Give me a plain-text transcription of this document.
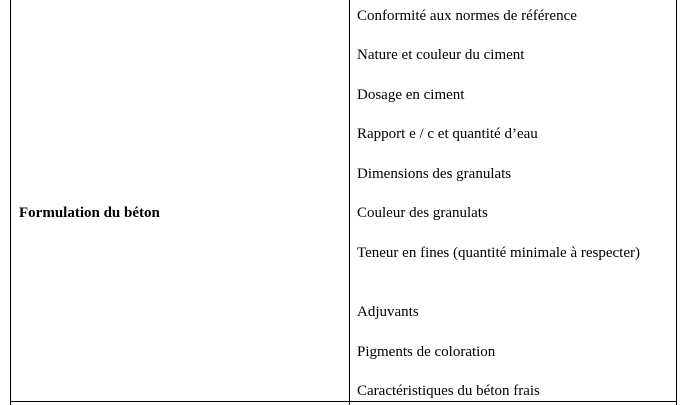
Formulation du béton
Conformité aux normes de référence
Nature et couleur du ciment
Dosage en ciment
Rapport e / c et quantité d’eau
Dimensions des granulats
Couleur des granulats
Teneur en fines (quantité minimale à respecter)
Adjuvants
Pigments de coloration
Caractéristiques du béton frais
